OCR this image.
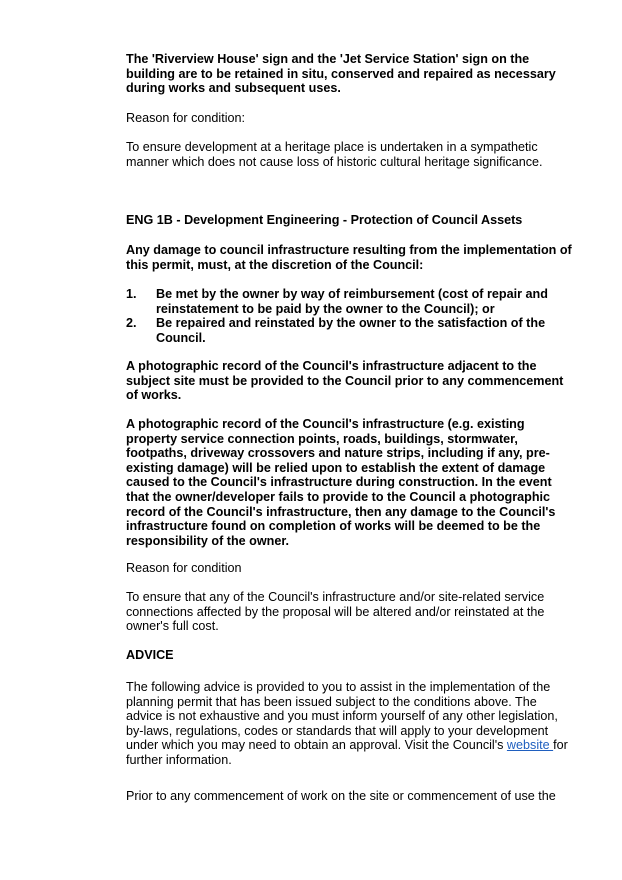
The 'Riverview House' sign and the 'Jet Service Station' sign on the building are to be retained in situ, conserved and repaired as necessary during works and subsequent uses.

Reason for condition:

To ensure development at a heritage place is undertaken in a sympathetic manner which does not cause loss of historic cultural heritage significance.

ENG 1B - Development Engineering - Protection of Council Assets

Any damage to council infrastructure resulting from the implementation of this permit, must, at the discretion of the Council:

1. Be met by the owner by way of reimbursement (cost of repair and reinstatement to be paid by the owner to the Council); or

2. Be repaired and reinstated by the owner to the satisfaction of the Council.

A photographic record of the Council's infrastructure adjacent to the subject site must be provided to the Council prior to any commencement of works.

A photographic record of the Council's infrastructure (e.g. existing property service connection points, roads, buildings, stormwater, footpaths, driveway crossovers and nature strips, including if any, pre-existing damage) will be relied upon to establish the extent of damage caused to the Council's infrastructure during construction. In the event that the owner/developer fails to provide to the Council a photographic record of the Council's infrastructure, then any damage to the Council's infrastructure found on completion of works will be deemed to be the responsibility of the owner.

Reason for condition

To ensure that any of the Council's infrastructure and/or site-related service connections affected by the proposal will be altered and/or reinstated at the owner's full cost.

ADVICE

The following advice is provided to you to assist in the implementation of the planning permit that has been issued subject to the conditions above. The advice is not exhaustive and you must inform yourself of any other legislation, by-laws, regulations, codes or standards that will apply to your development under which you may need to obtain an approval. Visit the Council's website for further information.

Prior to any commencement of work on the site or commencement of use the
